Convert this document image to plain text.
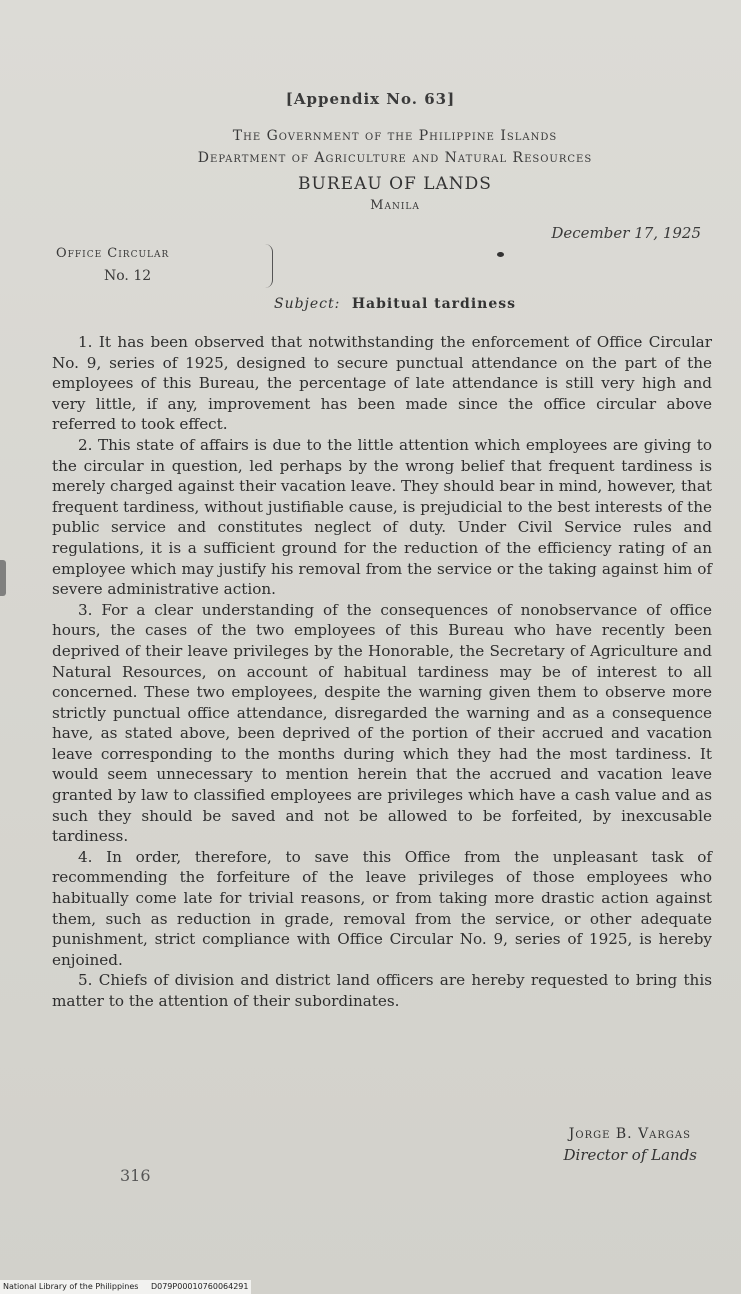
[Appendix No. 63]
The Government of the Philippine Islands
Department of Agriculture and Natural Resources
BUREAU OF LANDS
Manila
December 17, 1925
Office Circular
No. 12
Subject: Habitual tardiness

1. It has been observed that notwithstanding the enforcement of Office Circular No. 9, series of 1925, designed to secure punctual attendance on the part of the employees of this Bureau, the percentage of late attendance is still very high and very little, if any, improvement has been made since the office circular above referred to took effect.

2. This state of affairs is due to the little attention which employees are giving to the circular in question, led perhaps by the wrong belief that frequent tardiness is merely charged against their vacation leave. They should bear in mind, however, that frequent tardiness, without justifiable cause, is prejudicial to the best interests of the public service and constitutes neglect of duty. Under Civil Service rules and regulations, it is a sufficient ground for the reduction of the efficiency rating of an employee which may justify his removal from the service or the taking against him of severe administrative action.

3. For a clear understanding of the consequences of nonobservance of office hours, the cases of the two employees of this Bureau who have recently been deprived of their leave privileges by the Honorable, the Secretary of Agriculture and Natural Resources, on account of habitual tardiness may be of interest to all concerned. These two employees, despite the warning given them to observe more strictly punctual office attendance, disregarded the warning and as a consequence have, as stated above, been deprived of the portion of their accrued and vacation leave corresponding to the months during which they had the most tardiness. It would seem unnecessary to mention herein that the accrued and vacation leave granted by law to classified employees are privileges which have a cash value and as such they should be saved and not be allowed to be forfeited, by inexcusable tardiness.

4. In order, therefore, to save this Office from the unpleasant task of recommending the forfeiture of the leave privileges of those employees who habitually come late for trivial reasons, or from taking more drastic action against them, such as reduction in grade, removal from the service, or other adequate punishment, strict compliance with Office Circular No. 9, series of 1925, is hereby enjoined.

5. Chiefs of division and district land officers are hereby requested to bring this matter to the attention of their subordinates.

Jorge B. Vargas
Director of Lands
316
National Library of the Philippines D079P00010760064291
